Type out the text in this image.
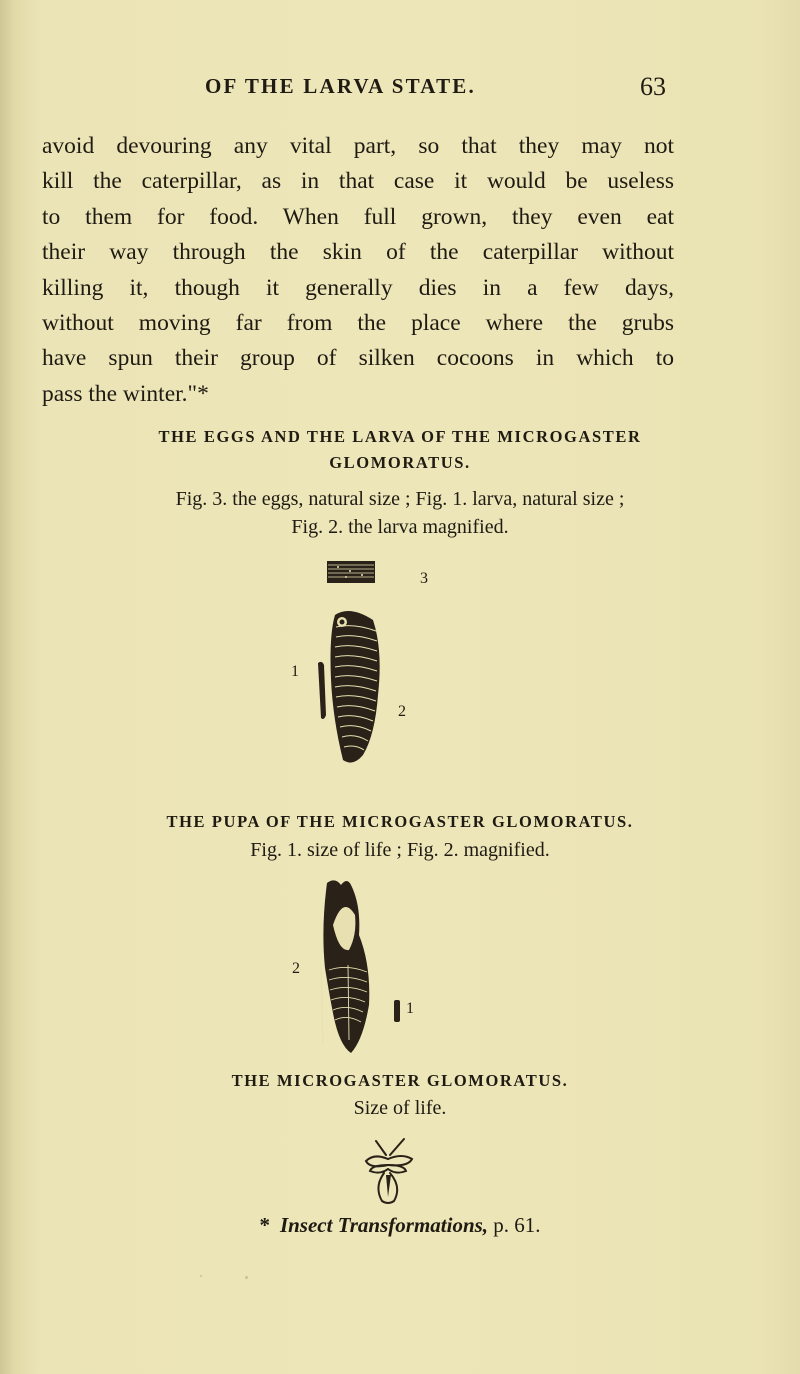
OF THE LARVA STATE.	63
avoid devouring any vital part, so that they may not
kill the caterpillar, as in that case it would be useless
to them for food. When full grown, they even eat
their way through the skin of the caterpillar without
killing it, though it generally dies in a few days,
without moving far from the place where the grubs
have spun their group of silken cocoons in which to
pass the winter."*
THE EGGS AND THE LARVA OF THE MICROGASTER
GLOMORATUS.
Fig. 3. the eggs, natural size ; Fig. 1. larva, natural size ;
Fig. 2. the larva magnified.
3
1
2
THE PUPA OF THE MICROGASTER GLOMORATUS.
Fig. 1. size of life ; Fig. 2. magnified.
2
1
THE MICROGASTER GLOMORATUS.
Size of life.
* Insect Transformations, p. 61.
